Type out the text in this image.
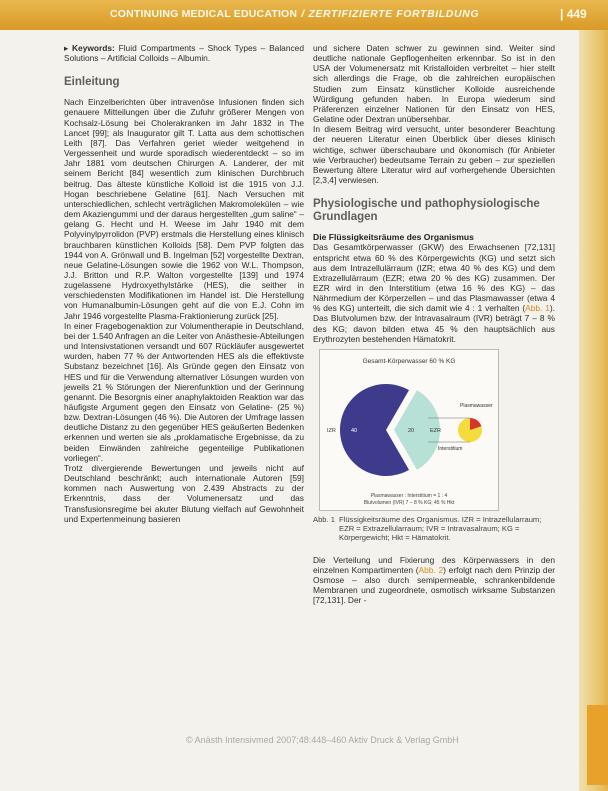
CONTINUING MEDICAL EDUCATION / ZERTIFIZIERTE FORTBILDUNG	| 449

▸ Keywords: Fluid Compartments – Shock Types – Balanced Solutions – Artificial Colloids – Albumin.

Einleitung

Nach Einzelberichten über intravenöse Infusionen finden sich genauere Mitteilungen über die Zufuhr größerer Mengen von Kochsalz-Lösung bei Cholerakranken im Jahr 1832 in The Lancet [99]; als Inaugurator gilt T. Latta aus dem schottischen Leith [87]. Das Verfahren geriet wieder weitgehend in Vergessenheit und wurde sporadisch wiederentdeckt – so im Jahr 1881 vom deutschen Chirurgen A. Landerer, der mit seinem Bericht [84] wesentlich zum klinischen Durchbruch beitrug. Das älteste künstliche Kolloid ist die 1915 von J.J. Hogan beschriebene Gelatine [61]. Nach Versuchen mit unterschiedlichen, schlecht verträglichen Makromolekülen – wie dem Akaziengummi und der daraus hergestellten „gum saline“ – gelang G. Hecht und H. Weese im Jahr 1940 mit dem Polyvinylpyrrolidon (PVP) erstmals die Herstellung eines klinisch brauchbaren künstlichen Kolloids [58]. Dem PVP folgten das 1944 von A. Grönwall und B. Ingelman [52] vorgestellte Dextran, neue Gelatine-Lösungen sowie die 1962 von W.L. Thompson, J.J. Britton und R.P. Walton vorgestellte [139] und 1974 zugelassene Hydroxyethylstärke (HES), die seither in verschiedensten Modifikationen im Handel ist. Die Herstellung von Humanalbumin-Lösungen geht auf die von E.J. Cohn im Jahr 1946 vorgestellte Plasma-Fraktionierung zurück [25].

In einer Fragebogenaktion zur Volumentherapie in Deutschland, bei der 1.540 Anfragen an die Leiter von Anästhesie-Abteilungen und Intensivstationen versandt und 607 Rückläufer ausgewertet wurden, haben 77 % der Antwortenden HES als die effektivste Substanz bezeichnet [16]. Als Gründe gegen den Einsatz von HES und für die Verwendung alternativer Lösungen wurden von jeweils 21 % Störungen der Nierenfunktion und der Gerinnung genannt. Die Besorgnis einer anaphylaktoiden Reaktion war das häufigste Argument gegen den Einsatz von Gelatine- (25 %) bzw. Dextran-Lösungen (46 %). Die Autoren der Umfrage lassen deutliche Distanz zu den gegenüber HES geäußerten Bedenken erkennen und werten sie als „proklamatische Ergebnisse, da zu beiden Einwänden zahlreiche gegenteilige Publikationen vorliegen“.

Trotz divergierende Bewertungen und jeweils nicht auf Deutschland beschränkt; auch internationale Autoren [59] kommen nach Auswertung von 2.439 Abstracts zu der Erkenntnis, dass der Volumenersatz und das Transfusionsregime bei akuter Blutung vielfach auf Gewohnheit und Expertenmeinung basieren

und sichere Daten schwer zu gewinnen sind. Weiter sind deutliche nationale Gepflogenheiten erkennbar. So ist in den USA der Volumenersatz mit Kristalloiden verbreitet – hier stellt sich allerdings die Frage, ob die zahlreichen europäischen Studien zum Einsatz künstlicher Kolloide ausreichende Würdigung gefunden haben. In Europa wiederum sind Präferenzen einzelner Nationen für den Einsatz von HES, Gelatine oder Dextran unübersehbar.

In diesem Beitrag wird versucht, unter besonderer Beachtung der neueren Literatur einen Überblick über dieses klinisch wichtige, schwer überschaubare und ökonomisch (für Anbieter wie Verbraucher) bedeutsame Terrain zu geben – zur speziellen Bewertung ältere Literatur wird auf vorhergehende Übersichten [2,3,4] verwiesen.

Physiologische und pathophysiologische Grundlagen
Die Flüssigkeitsräume des Organismus

Das Gesamtkörperwasser (GKW) des Erwachsenen [72,131] entspricht etwa 60 % des Körpergewichts (KG) und setzt sich aus dem Intrazellulärraum (IZR; etwa 40 % des KG) und dem Extrazellulärraum (EZR; etwa 20 % des KG) zusammen. Der EZR wird in den Interstitium (etwa 16 % des KG) – das Nährmedium der Körperzellen – und das Plasmawasser (etwa 4 % des KG) unterteilt, die sich damit wie 4 : 1 verhalten (Abb. 1). Das Blutvolumen bzw. der Intravasalraum (IVR) beträgt 7 – 8 % des KG; davon bilden etwa 45 % den hauptsächlich aus Erythrozyten bestehenden Hämatokrit.

Gesamt-Körperwasser 60 % KG
IZR	40	20	EZR
Plasmawasser
Interstitium
Plasmawasser : Interstitium = 1 : 4
Blutvolumen (IVR) 7 – 8 % KG; 45 % Hkt

Abb. 1 Flüssigkeitsräume des Organismus. IZR = Intrazellularraum; EZR = Extrazellularraum; IVR = Intravasalraum; KG = Körpergewicht; Hkt = Hämatokrit.

Die Verteilung und Fixierung des Körperwassers in den einzelnen Kompartimenten (Abb. 2) erfolgt nach dem Prinzip der Osmose – also durch semipermeable, schrankenbildende Membranen und zugeordnete, osmotisch wirksame Substanzen [72,131]. Der -

© Anästh Intensivmed 2007;48:448–460 Aktiv Druck & Verlag GmbH
